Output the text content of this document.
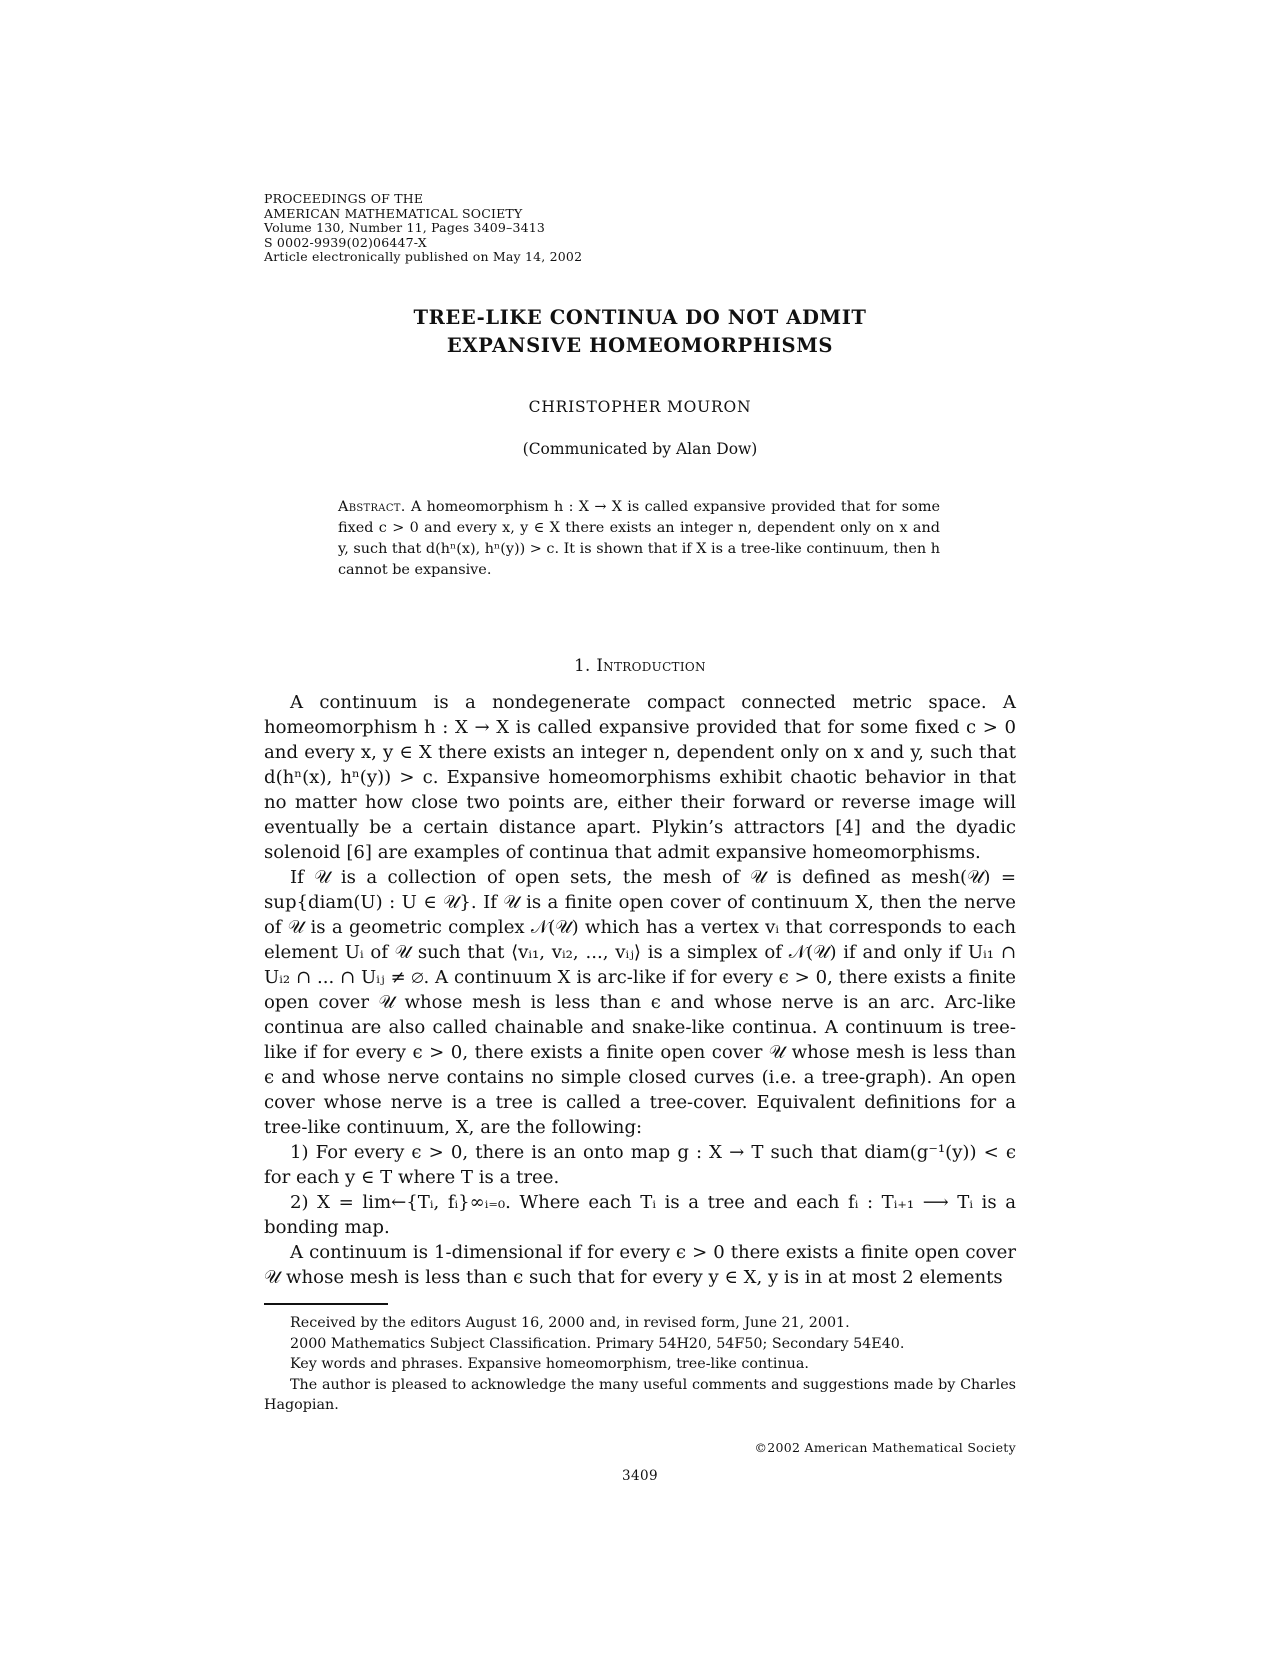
PROCEEDINGS OF THE
AMERICAN MATHEMATICAL SOCIETY
Volume 130, Number 11, Pages 3409–3413
S 0002-9939(02)06447-X
Article electronically published on May 14, 2002
TREE-LIKE CONTINUA DO NOT ADMIT
EXPANSIVE HOMEOMORPHISMS
CHRISTOPHER MOURON
(Communicated by Alan Dow)
Abstract. A homeomorphism h : X → X is called expansive provided that for some fixed c > 0 and every x, y ∈ X there exists an integer n, dependent only on x and y, such that d(hⁿ(x), hⁿ(y)) > c. It is shown that if X is a tree-like continuum, then h cannot be expansive.
1. Introduction

A continuum is a nondegenerate compact connected metric space. A homeomorphism h : X → X is called expansive provided that for some fixed c > 0 and every x, y ∈ X there exists an integer n, dependent only on x and y, such that d(hⁿ(x), hⁿ(y)) > c. Expansive homeomorphisms exhibit chaotic behavior in that no matter how close two points are, either their forward or reverse image will eventually be a certain distance apart. Plykin’s attractors [4] and the dyadic solenoid [6] are examples of continua that admit expansive homeomorphisms.

If 𝒰 is a collection of open sets, the mesh of 𝒰 is defined as mesh(𝒰) = sup{diam(U) : U ∈ 𝒰}. If 𝒰 is a finite open cover of continuum X, then the nerve of 𝒰 is a geometric complex 𝒩(𝒰) which has a vertex vᵢ that corresponds to each element Uᵢ of 𝒰 such that ⟨vᵢ₁, vᵢ₂, ..., vᵢⱼ⟩ is a simplex of 𝒩(𝒰) if and only if Uᵢ₁ ∩ Uᵢ₂ ∩ ... ∩ Uᵢⱼ ≠ ∅. A continuum X is arc-like if for every ϵ > 0, there exists a finite open cover 𝒰 whose mesh is less than ϵ and whose nerve is an arc. Arc-like continua are also called chainable and snake-like continua. A continuum is tree-like if for every ϵ > 0, there exists a finite open cover 𝒰 whose mesh is less than ϵ and whose nerve contains no simple closed curves (i.e. a tree-graph). An open cover whose nerve is a tree is called a tree-cover. Equivalent definitions for a tree-like continuum, X, are the following:

1) For every ϵ > 0, there is an onto map g : X → T such that diam(g⁻¹(y)) < ϵ for each y ∈ T where T is a tree.

2) X = lim←{Tᵢ, fᵢ}∞ᵢ₌₀. Where each Tᵢ is a tree and each fᵢ : Tᵢ₊₁ ⟶ Tᵢ is a bonding map.

A continuum is 1-dimensional if for every ϵ > 0 there exists a finite open cover 𝒰 whose mesh is less than ϵ such that for every y ∈ X, y is in at most 2 elements

Received by the editors August 16, 2000 and, in revised form, June 21, 2001.

2000 Mathematics Subject Classification. Primary 54H20, 54F50; Secondary 54E40.

Key words and phrases. Expansive homeomorphism, tree-like continua.

The author is pleased to acknowledge the many useful comments and suggestions made by Charles Hagopian.

©2002 American Mathematical Society
3409
